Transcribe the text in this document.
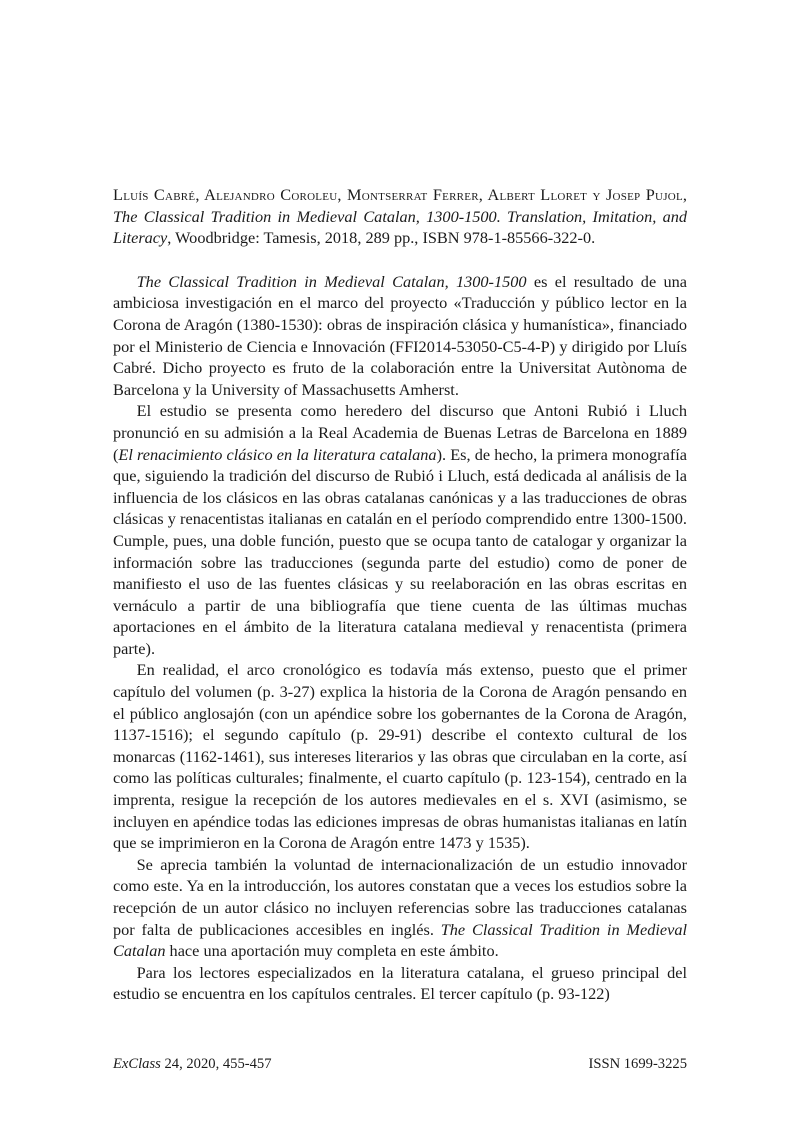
Lluís Cabré, Alejandro Coroleu, Montserrat Ferrer, Albert Lloret y Josep Pujol, The Classical Tradition in Medieval Catalan, 1300-1500. Translation, Imitation, and Literacy, Woodbridge: Tamesis, 2018, 289 pp., ISBN 978-1-85566-322-0.

The Classical Tradition in Medieval Catalan, 1300-1500 es el resultado de una ambiciosa investigación en el marco del proyecto «Traducción y público lector en la Corona de Aragón (1380-1530): obras de inspiración clásica y humanística», financiado por el Ministerio de Ciencia e Innovación (FFI2014-53050-C5-4-P) y dirigido por Lluís Cabré. Dicho proyecto es fruto de la colaboración entre la Universitat Autònoma de Barcelona y la University of Massachusetts Amherst.

El estudio se presenta como heredero del discurso que Antoni Rubió i Lluch pronunció en su admisión a la Real Academia de Buenas Letras de Barcelona en 1889 (El renacimiento clásico en la literatura catalana). Es, de hecho, la primera monografía que, siguiendo la tradición del discurso de Rubió i Lluch, está dedicada al análisis de la influencia de los clásicos en las obras catalanas canónicas y a las traducciones de obras clásicas y renacentistas italianas en catalán en el período comprendido entre 1300-1500. Cumple, pues, una doble función, puesto que se ocupa tanto de catalogar y organizar la información sobre las traducciones (segunda parte del estudio) como de poner de manifiesto el uso de las fuentes clásicas y su reelaboración en las obras escritas en vernáculo a partir de una bibliografía que tiene cuenta de las últimas muchas aportaciones en el ámbito de la literatura catalana medieval y renacentista (primera parte).

En realidad, el arco cronológico es todavía más extenso, puesto que el primer capítulo del volumen (p. 3-27) explica la historia de la Corona de Aragón pensando en el público anglosajón (con un apéndice sobre los gobernantes de la Corona de Aragón, 1137-1516); el segundo capítulo (p. 29-91) describe el contexto cultural de los monarcas (1162-1461), sus intereses literarios y las obras que circulaban en la corte, así como las políticas culturales; finalmente, el cuarto capítulo (p. 123-154), centrado en la imprenta, resigue la recepción de los autores medievales en el s. XVI (asimismo, se incluyen en apéndice todas las ediciones impresas de obras humanistas italianas en latín que se imprimieron en la Corona de Aragón entre 1473 y 1535).

Se aprecia también la voluntad de internacionalización de un estudio innovador como este. Ya en la introducción, los autores constatan que a veces los estudios sobre la recepción de un autor clásico no incluyen referencias sobre las traducciones catalanas por falta de publicaciones accesibles en inglés. The Classical Tradition in Medieval Catalan hace una aportación muy completa en este ámbito.

Para los lectores especializados en la literatura catalana, el grueso principal del estudio se encuentra en los capítulos centrales. El tercer capítulo (p. 93-122)

ExClass 24, 2020, 455-457	ISSN 1699-3225
